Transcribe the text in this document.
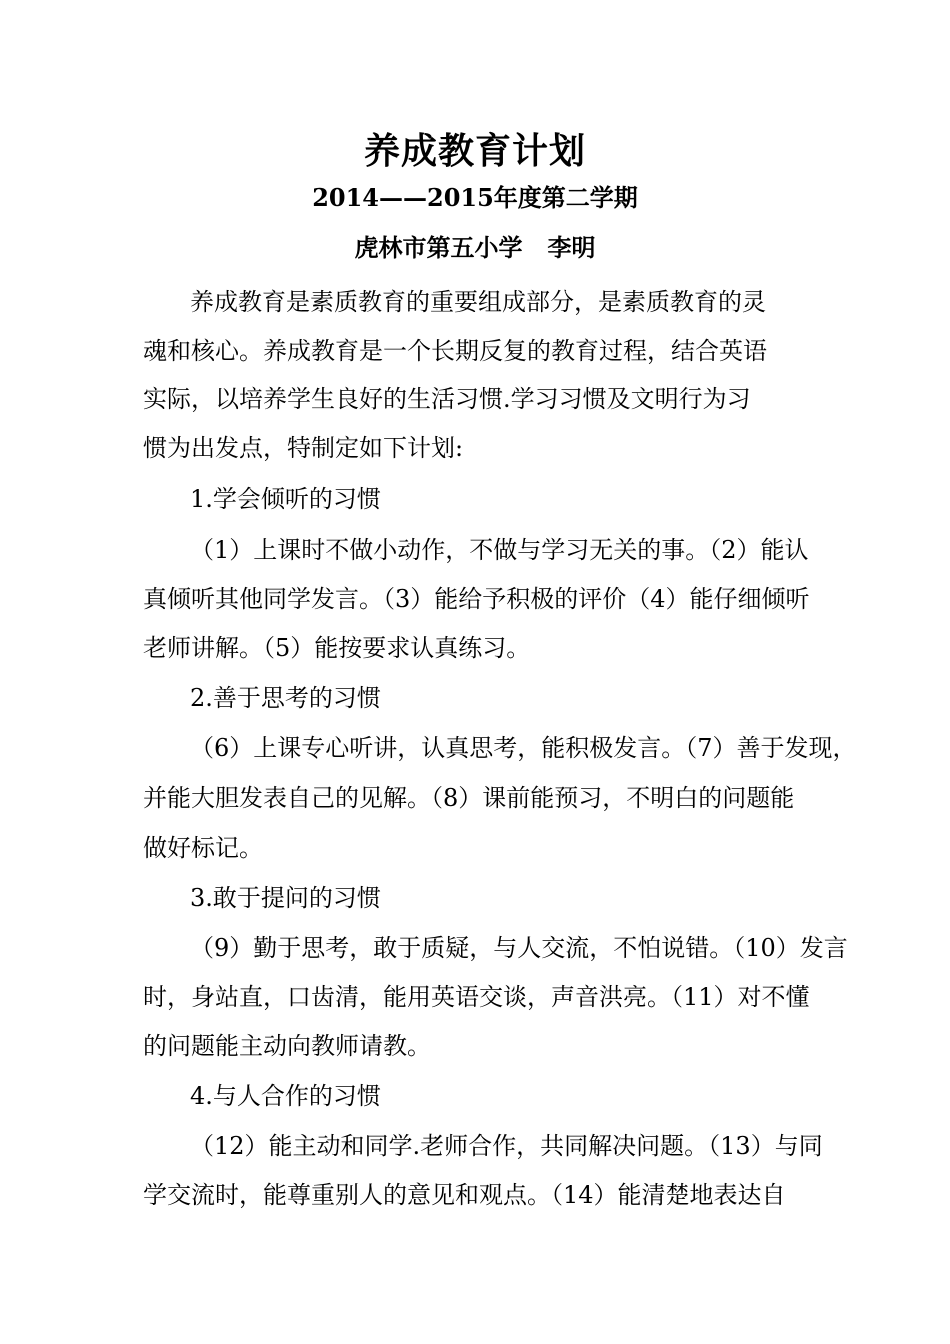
养成教育计划
2014——2015年度第二学期
虎林市第五小学   李明
养成教育是素质教育的重要组成部分，是素质教育的灵
魂和核心。养成教育是一个长期反复的教育过程，结合英语
实际，以培养学生良好的生活习惯.学习习惯及文明行为习
惯为出发点，特制定如下计划:
1.学会倾听的习惯
（1）上课时不做小动作，不做与学习无关的事。（2）能认
真倾听其他同学发言。（3）能给予积极的评价（4）能仔细倾听
老师讲解。（5）能按要求认真练习。
2.善于思考的习惯
（6）上课专心听讲，认真思考，能积极发言。（7）善于发现，
并能大胆发表自己的见解。（8）课前能预习，不明白的问题能
做好标记。
3.敢于提问的习惯
（9）勤于思考，敢于质疑，与人交流，不怕说错。（10）发言
时，身站直，口齿清，能用英语交谈，声音洪亮。（11）对不懂
的问题能主动向教师请教。
4.与人合作的习惯
（12）能主动和同学.老师合作，共同解决问题。（13）与同
学交流时，能尊重别人的意见和观点。（14）能清楚地表达自
